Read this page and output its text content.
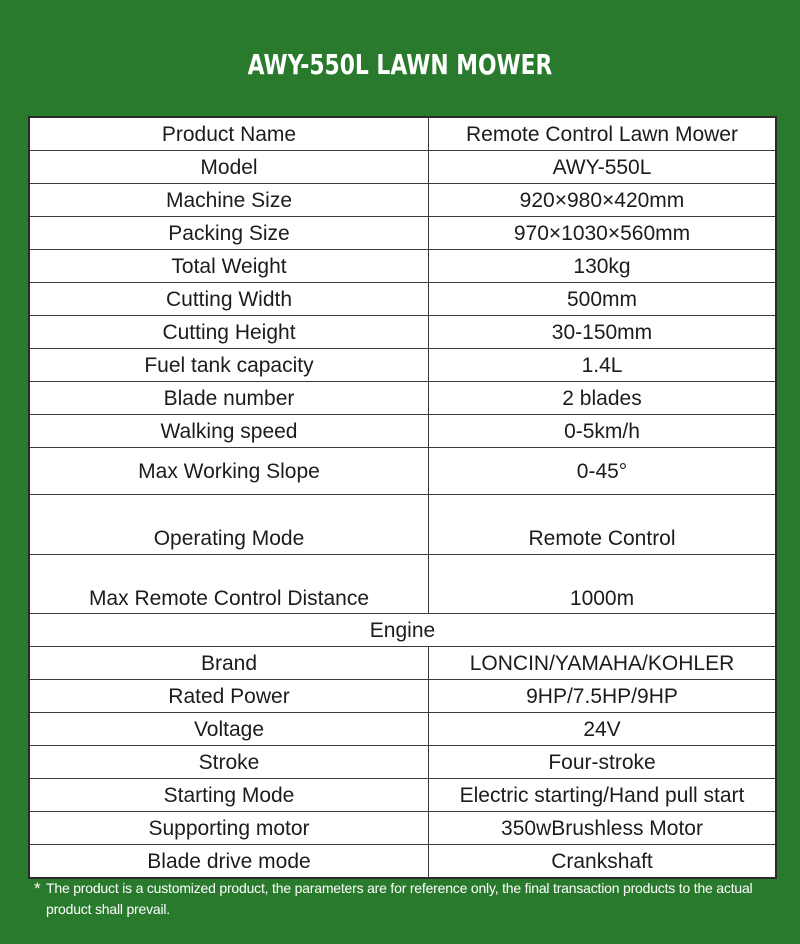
AWY-550L LAWN MOWER
Product Name	Remote Control Lawn Mower
Model	AWY-550L
Machine Size	920×980×420mm
Packing Size	970×1030×560mm
Total Weight	130kg
Cutting Width	500mm
Cutting Height	30-150mm
Fuel tank capacity	1.4L
Blade number	2 blades
Walking speed	0-5km/h
Max Working Slope	0-45°
Operating Mode	Remote Control
Max Remote Control Distance	1000m
Engine	
Brand	LONCIN/YAMAHA/KOHLER
Rated Power	9HP/7.5HP/9HP
Voltage	24V
Stroke	Four-stroke
Starting Mode	Electric starting/Hand pull start
Supporting motor	350wBrushless Motor
Blade drive mode	Crankshaft
* The product is a customized product, the parameters are for reference only, the final transaction products to the actual product shall prevail.
